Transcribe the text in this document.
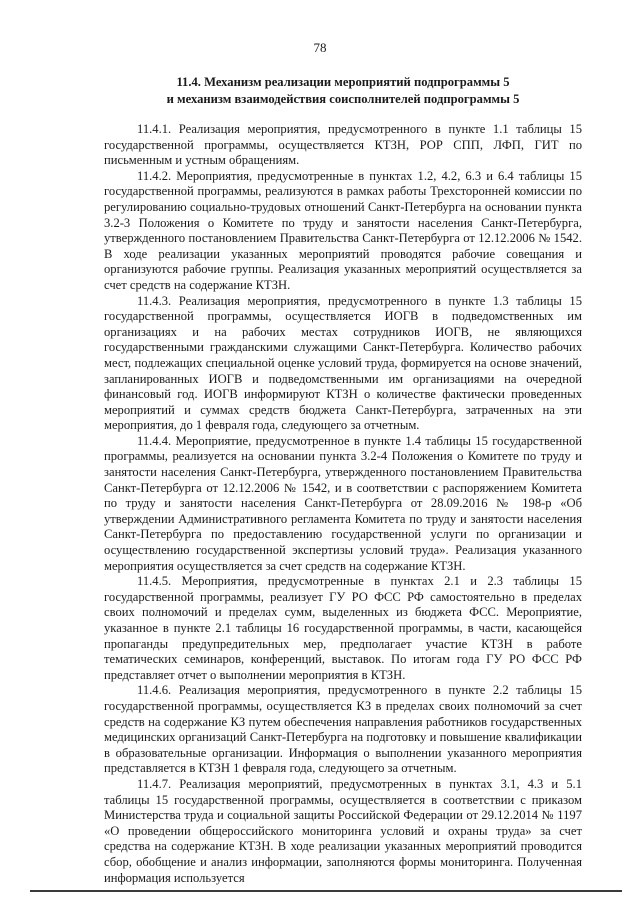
78
11.4. Механизм реализации мероприятий подпрограммы 5
и механизм взаимодействия соисполнителей подпрограммы 5

11.4.1. Реализация мероприятия, предусмотренного в пункте 1.1 таблицы 15 государственной программы, осуществляется КТЗН, РОР СПП, ЛФП, ГИТ по письменным и устным обращениям.

11.4.2. Мероприятия, предусмотренные в пунктах 1.2, 4.2, 6.3 и 6.4 таблицы 15 государственной программы, реализуются в рамках работы Трехсторонней комиссии по регулированию социально-трудовых отношений Санкт-Петербурга на основании пункта 3.2-3 Положения о Комитете по труду и занятости населения Санкт-Петербурга, утвержденного постановлением Правительства Санкт-Петербурга от 12.12.2006 № 1542. В ходе реализации указанных мероприятий проводятся рабочие совещания и организуются рабочие группы. Реализация указанных мероприятий осуществляется за счет средств на содержание КТЗН.

11.4.3. Реализация мероприятия, предусмотренного в пункте 1.3 таблицы 15 государственной программы, осуществляется ИОГВ в подведомственных им организациях и на рабочих местах сотрудников ИОГВ, не являющихся государственными гражданскими служащими Санкт-Петербурга. Количество рабочих мест, подлежащих специальной оценке условий труда, формируется на основе значений, запланированных ИОГВ и подведомственными им организациями на очередной финансовый год. ИОГВ информируют КТЗН о количестве фактически проведенных мероприятий и суммах средств бюджета Санкт-Петербурга, затраченных на эти мероприятия, до 1 февраля года, следующего за отчетным.

11.4.4. Мероприятие, предусмотренное в пункте 1.4 таблицы 15 государственной программы, реализуется на основании пункта 3.2-4 Положения о Комитете по труду и занятости населения Санкт-Петербурга, утвержденного постановлением Правительства Санкт-Петербурга от 12.12.2006 № 1542, и в соответствии с распоряжением Комитета по труду и занятости населения Санкт-Петербурга от 28.09.2016 № 198-р «Об утверждении Административного регламента Комитета по труду и занятости населения Санкт-Петербурга по предоставлению государственной услуги по организации и осуществлению государственной экспертизы условий труда». Реализация указанного мероприятия осуществляется за счет средств на содержание КТЗН.

11.4.5. Мероприятия, предусмотренные в пунктах 2.1 и 2.3 таблицы 15 государственной программы, реализует ГУ РО ФСС РФ самостоятельно в пределах своих полномочий и пределах сумм, выделенных из бюджета ФСС. Мероприятие, указанное в пункте 2.1 таблицы 16 государственной программы, в части, касающейся пропаганды предупредительных мер, предполагает участие КТЗН в работе тематических семинаров, конференций, выставок. По итогам года ГУ РО ФСС РФ представляет отчет о выполнении мероприятия в КТЗН.

11.4.6. Реализация мероприятия, предусмотренного в пункте 2.2 таблицы 15 государственной программы, осуществляется КЗ в пределах своих полномочий за счет средств на содержание КЗ путем обеспечения направления работников государственных медицинских организаций Санкт-Петербурга на подготовку и повышение квалификации в образовательные организации. Информация о выполнении указанного мероприятия представляется в КТЗН 1 февраля года, следующего за отчетным.

11.4.7. Реализация мероприятий, предусмотренных в пунктах 3.1, 4.3 и 5.1 таблицы 15 государственной программы, осуществляется в соответствии с приказом Министерства труда и социальной защиты Российской Федерации от 29.12.2014 № 1197 «О проведении общероссийского мониторинга условий и охраны труда» за счет средства на содержание КТЗН. В ходе реализации указанных мероприятий проводится сбор, обобщение и анализ информации, заполняются формы мониторинга. Полученная информация используется
